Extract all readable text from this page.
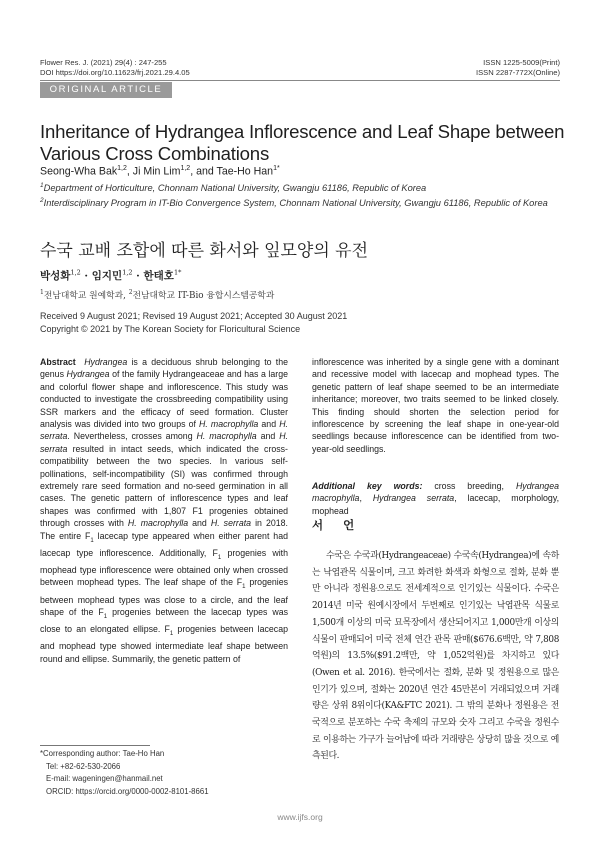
Flower Res. J. (2021) 29(4) : 247-255
DOI https://doi.org/10.11623/frj.2021.29.4.05
ISSN 1225-5009(Print)
ISSN 2287-772X(Online)
ORIGINAL ARTICLE
Inheritance of Hydrangea Inflorescence and Leaf Shape between Various Cross Combinations
Seong-Wha Bak$^{1,2}$, Ji Min Lim$^{1,2}$, and Tae-Ho Han$^{1*}$
$^1$Department of Horticulture, Chonnam National University, Gwangju 61186, Republic of Korea
$^2$Interdisciplinary Program in IT-Bio Convergence System, Chonnam National University, Gwangju 61186, Republic of Korea
수국 교배 조합에 따른 화서와 잎모양의 유전
박성화$^{1,2}$ · 임지민$^{1,2}$ · 한태호$^{1*}$
$^1$전남대학교 원예학과, $^2$전남대학교 IT-Bio 융합시스템공학과
Received 9 August 2021; Revised 19 August 2021; Accepted 30 August 2021
Copyright © 2021 by The Korean Society for Floricultural Science
Abstract Hydrangea is a deciduous shrub belonging to the genus Hydrangea of the family Hydrangeaceae and has a large and colorful flower shape and inflorescence. This study was conducted to investigate the crossbreeding compatibility using SSR markers and the efficacy of seed formation. Cluster analysis was divided into two groups of H. macrophylla and H. serrata. Nevertheless, crosses among H. macrophylla and H. serrata resulted in intact seeds, which indicated the cross-compatibility between the two species. In various self-pollinations, self-incompatibility (SI) was confirmed through extremely rare seed formation and no-seed germination in all cases. The genetic pattern of inflorescence types and leaf shapes was confirmed with 1,807 F1 progenies obtained through crosses with H. macrophylla and H. serrata in 2018. The entire $F_1$ lacecap type appeared when either parent had lacecap type inflorescence. Additionally, $F_1$ progenies with mophead type inflorescence were obtained only when crossed between mophead types. The leaf shape of the $F_1$ progenies between mophead types was close to a circle, and the leaf shape of the $F_1$ progenies between the lacecap types was close to an elongated ellipse. $F_1$ progenies between lacecap and mophead type showed intermediate leaf shape between round and ellipse. Summarily, the genetic pattern of
inflorescence was inherited by a single gene with a dominant and recessive model with lacecap and mophead types. The genetic pattern of leaf shape seemed to be an intermediate inheritance; moreover, two traits seemed to be linked closely. This finding should shorten the selection period for inflorescence by screening the leaf shape in one-year-old seedlings because inflorescence can be identified from two-year-old seedlings.
Additional key words: cross breeding, Hydrangea macrophylla, Hydrangea serrata, lacecap, morphology, mophead
서 언
수국은 수국과(Hydrangeaceae) 수국속(Hydrangea)에 속하는 낙엽관목 식물이며, 크고 화려한 화색과 화형으로 절화, 분화 뿐만 아니라 정원용으로도 전세계적으로 인기있는 식물이다. 수국은 2014년 미국 원예시장에서 두번째로 인기있는 낙엽관목 식물로 1,500개 이상의 미국 묘목장에서 생산되어지고 1,000만개 이상의 식물이 판매되어 미국 전체 연간 관목 판매($676.6백만, 약 7,808억원)의 13.5%($91.2백만, 약 1,052억원)를 차지하고 있다(Owen et al. 2016). 한국에서는 절화, 분화 및 정원용으로 많은 인기가 있으며, 절화는 2020년 연간 45만본이 거래되었으며 거래량은 상위 8위이다(KA&FTC 2021). 그 밖의 분화나 정원용은 전국적으로 분포하는 수국 축제의 규모와 숫자 그리고 수국을 정원수로 이용하는 가구가 늘어남에 따라 거래량은 상당히 많을 것으로 예측된다.
*Corresponding author: Tae-Ho Han
Tel: +82-62-530-2066
E-mail: wageningen@hanmail.net
ORCID: https://orcid.org/0000-0002-8101-8661
www.ijfs.org
